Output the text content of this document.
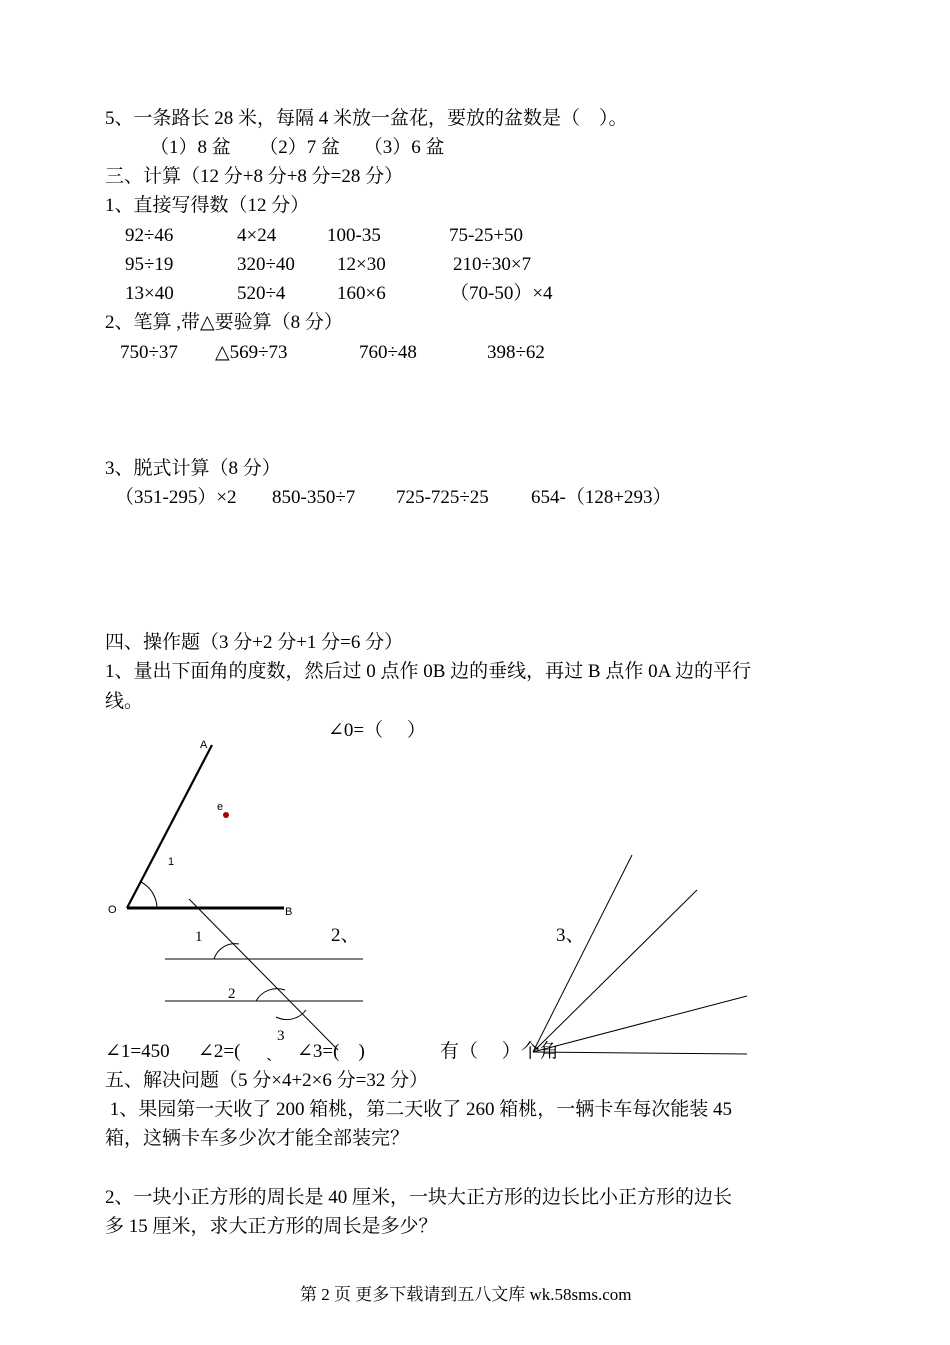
5、一条路长 28 米，每隔 4 米放一盆花，要放的盆数是（    ）。
（1）8 盆      （2）7 盆     （3）6 盆
三、计算（12 分+8 分+8 分=28 分）
1、直接写得数（12 分）
92÷46	4×24	100-35	75-25+50
95÷19	320÷40 12×30	210÷30×7
13×40	520÷4	160×6	（70-50）×4
2、笔算 ,带△要验算（8 分）
750÷37 △569÷73	760÷48	398÷62
3、脱式计算（8 分）
（351-295）×2 850-350÷7 725-725÷25 654-（128+293）
四、操作题（3 分+2 分+1 分=6 分）
1、量出下面角的度数，然后过 0 点作 0B 边的垂线，再过 B 点作 0A 边的平行
线。
∠0=（     ）
A
O	B
e
1
1
2
3
2、	3、
∠1=450 ∠2=( ˏ ∠3=(    )	有（     ）个角
五、解决问题（5 分×4+2×6 分=32 分）
1、果园第一天收了 200 箱桃，第二天收了 260 箱桃，一辆卡车每次能装 45
箱，这辆卡车多少次才能全部装完？
2、一块小正方形的周长是 40 厘米，一块大正方形的边长比小正方形的边长
多 15 厘米，求大正方形的周长是多少？
第 2 页 更多下载请到五八文库 wk.58sms.com
